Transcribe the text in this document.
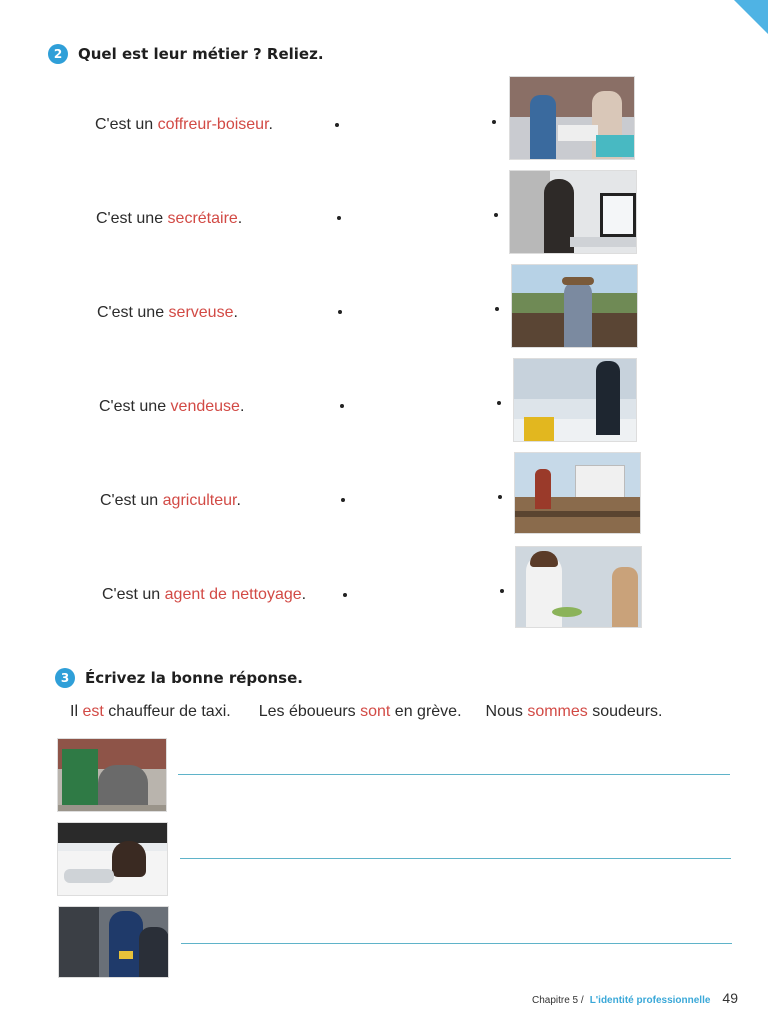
2	Quel est leur métier ? Reliez.
C'est un coffreur-boiseur.
C'est une secrétaire.
C'est une serveuse.
C'est une vendeuse.
C'est un agriculteur.
C'est un agent de nettoyage.
3	Écrivez la bonne réponse.
Il est chauffeur de taxi. Les éboueurs sont en grève. Nous sommes soudeurs.
Chapitre 5 / L'identité professionnelle 49
